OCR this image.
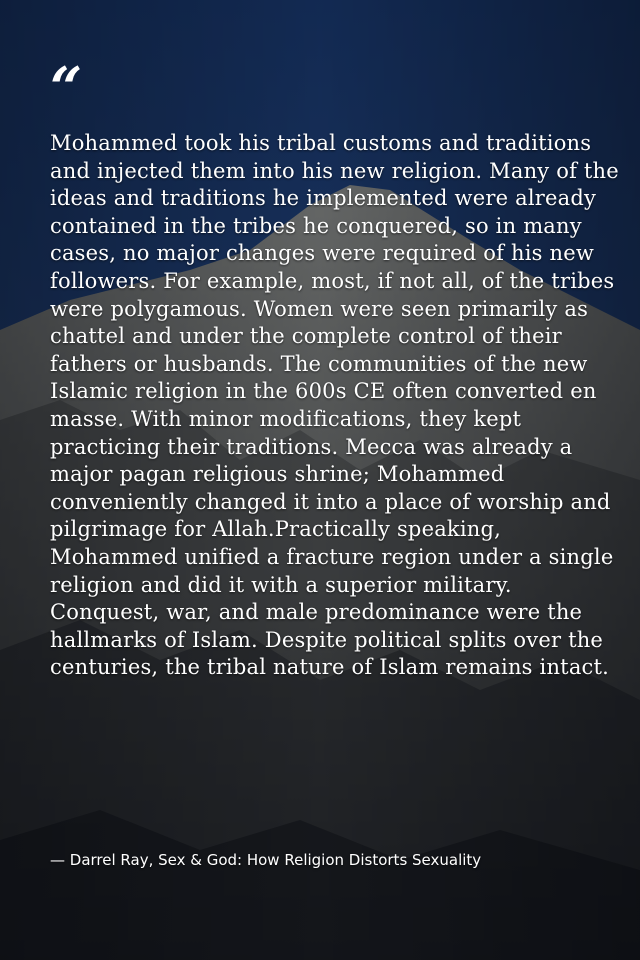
“

Mohammed took his tribal customs and traditions and injected them into his new religion. Many of the ideas and traditions he implemented were already contained in the tribes he conquered, so in many cases, no major changes were required of his new followers. For example, most, if not all, of the tribes were polygamous. Women were seen primarily as chattel and under the complete control of their fathers or husbands. The communities of the new Islamic religion in the 600s CE often converted en masse. With minor modifications, they kept practicing their traditions. Mecca was already a major pagan religious shrine; Mohammed conveniently changed it into a place of worship and pilgrimage for Allah.Practically speaking, Mohammed unified a fracture region under a single religion and did it with a superior military. Conquest, war, and male predominance were the hallmarks of Islam. Despite political splits over the centuries, the tribal nature of Islam remains intact.

— Darrel Ray, Sex & God: How Religion Distorts Sexuality
